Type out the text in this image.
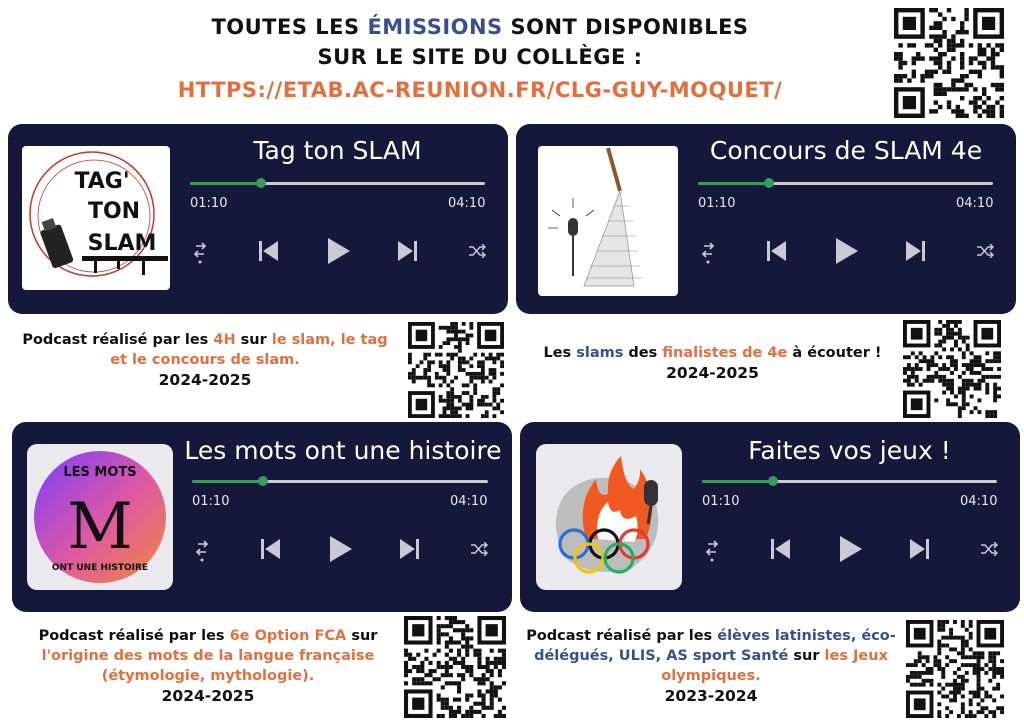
TOUTES LES ÉMISSIONS SONT DISPONIBLES
SUR LE SITE DU COLLÈGE :
HTTPS://ETAB.AC-REUNION.FR/CLG-GUY-MOQUET/
TAG'
TON
SLAM
Tag ton SLAM
01:10	04:10
Concours de SLAM 4e
01:10	04:10
Podcast réalisé par les 4H sur le slam, le tag et le concours de slam.
2024-2025
Les slams des finalistes de 4e à écouter !
2024-2025
LES MOTS
M
ONT UNE HISTOIRE
Les mots ont une histoire
01:10	04:10
Faites vos jeux !
01:10	04:10
Podcast réalisé par les 6e Option FCA sur l'origine des mots de la langue française (étymologie, mythologie).
2024-2025
Podcast réalisé par les élèves latinistes, éco-délégués, ULIS, AS sport Santé sur les Jeux olympiques.
2023-2024
